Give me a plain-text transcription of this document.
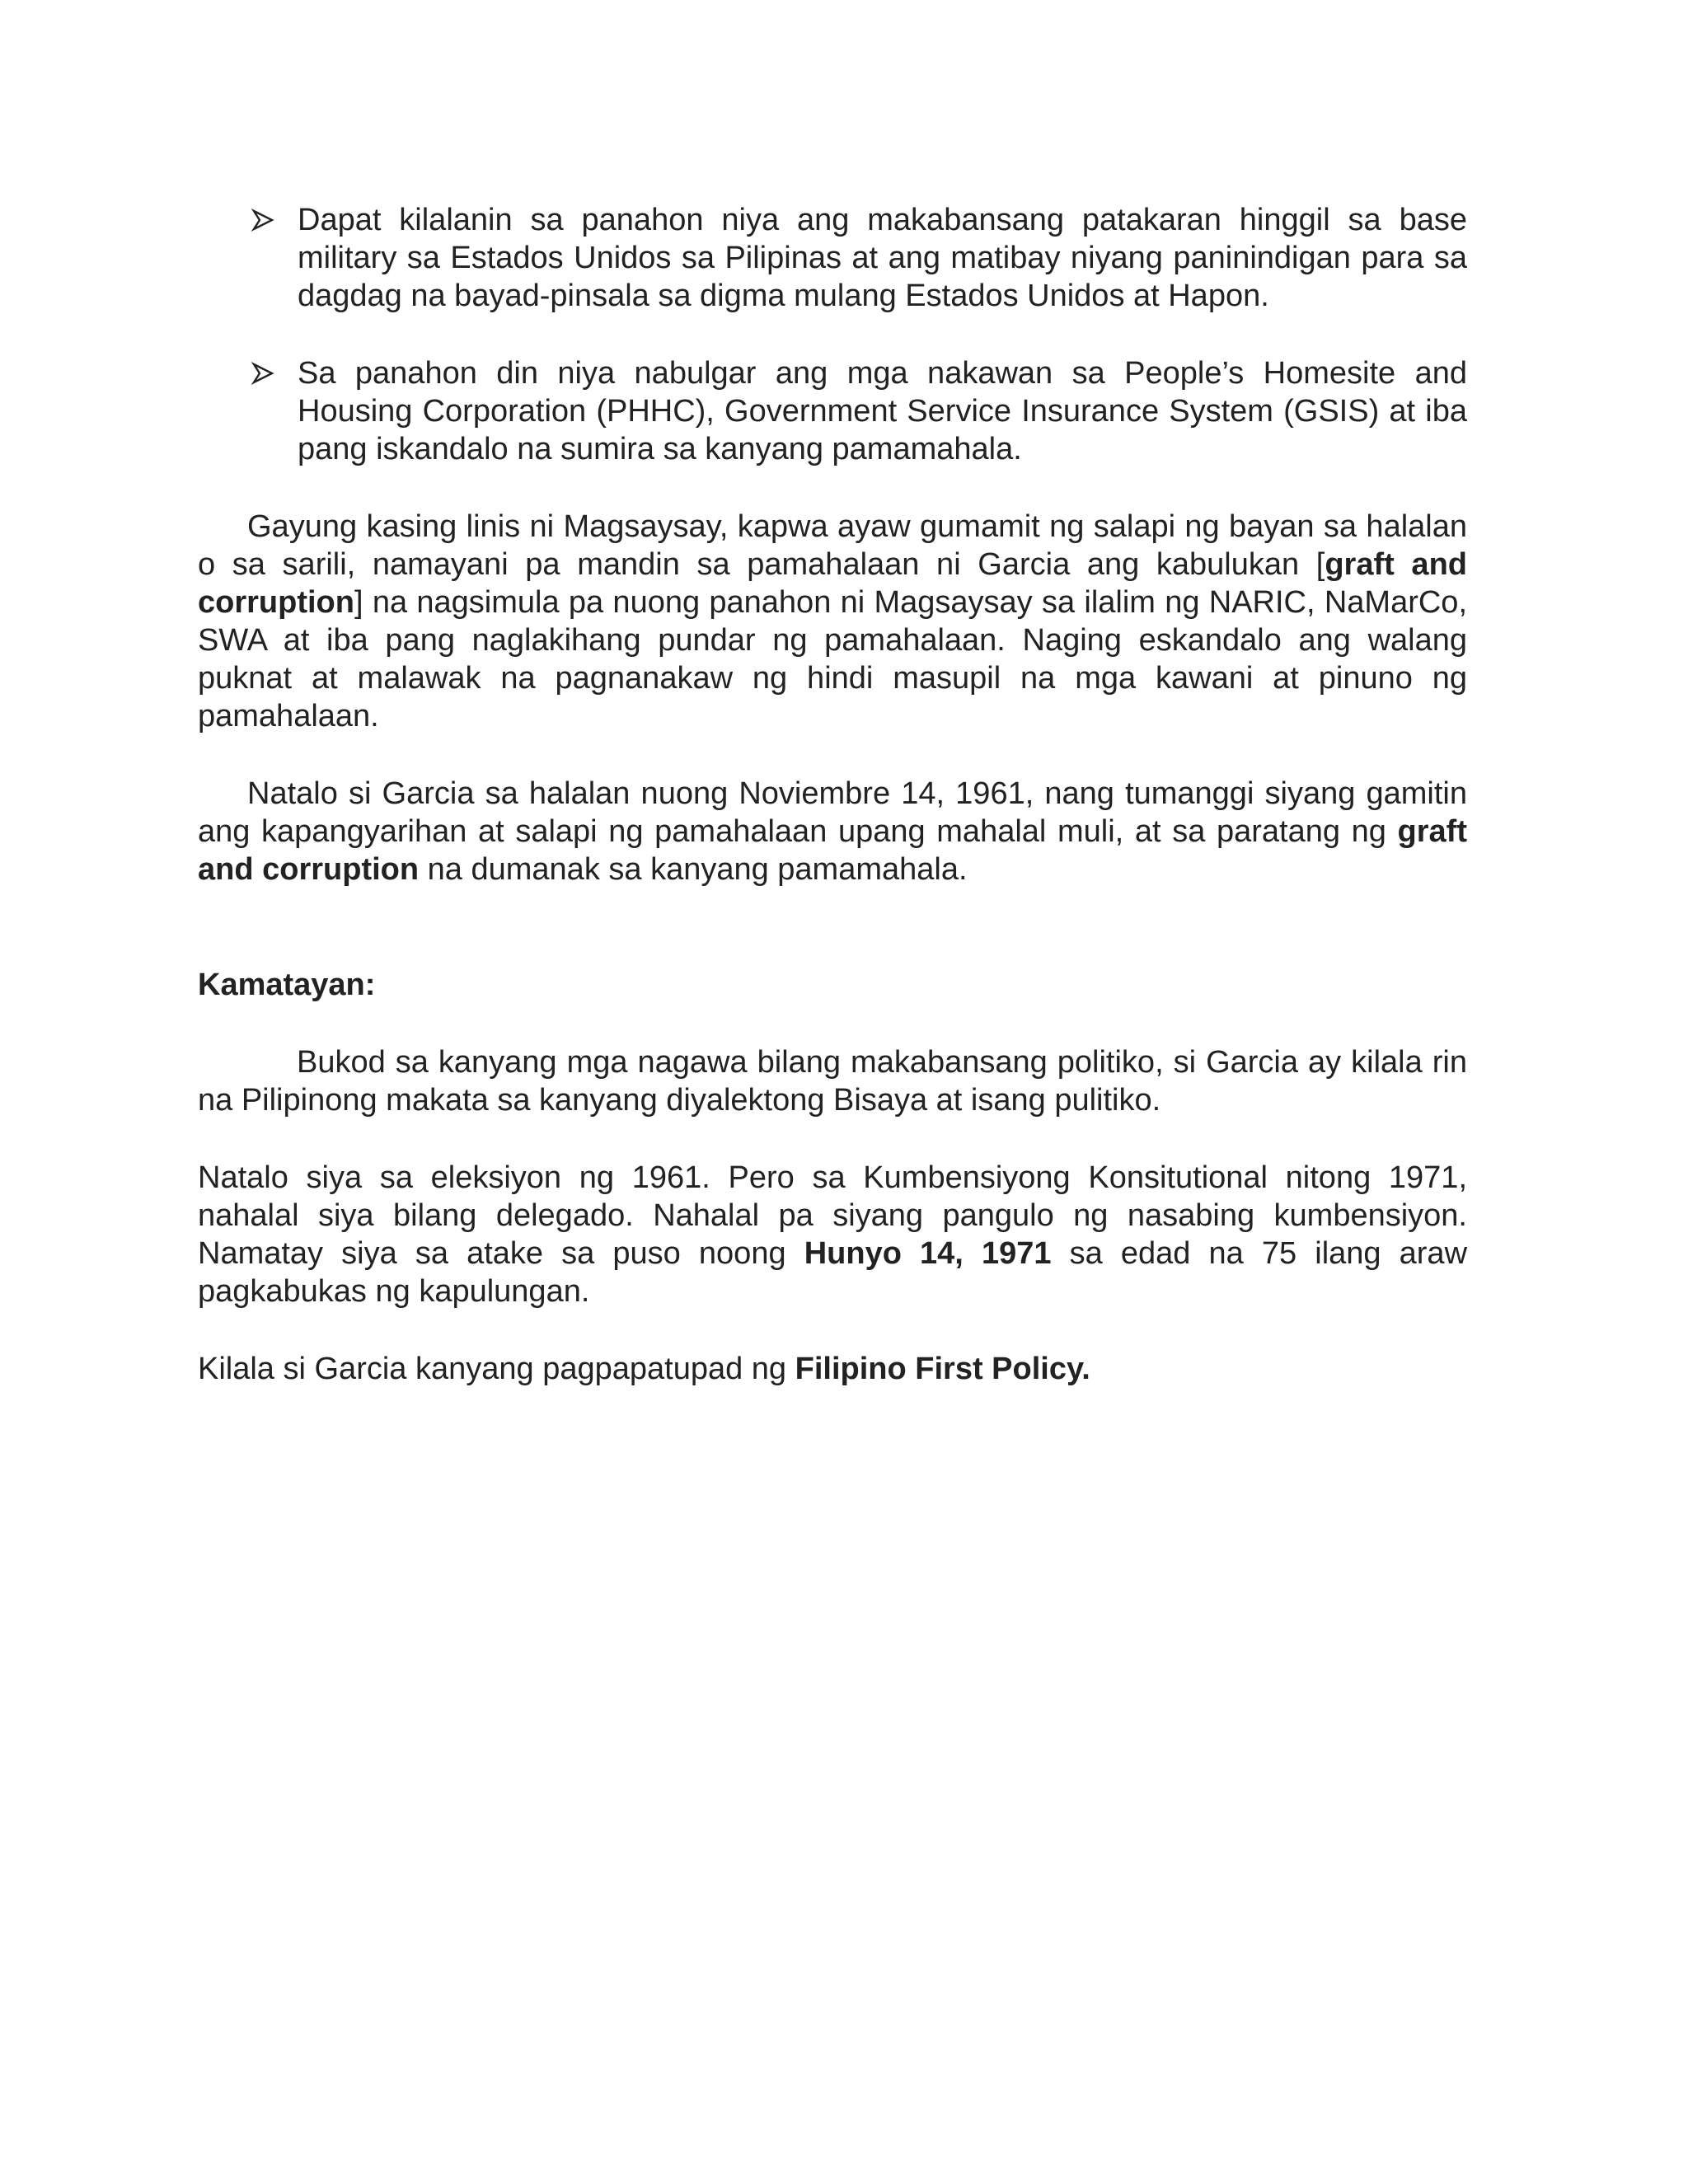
Dapat kilalanin sa panahon niya ang makabansang patakaran hinggil sa base military sa Estados Unidos sa Pilipinas at ang matibay niyang paninindigan para sa dagdag na bayad-pinsala sa digma mulang Estados Unidos at Hapon.
Sa panahon din niya nabulgar ang mga nakawan sa People’s Homesite and Housing Corporation (PHHC), Government Service Insurance System (GSIS) at iba pang iskandalo na sumira sa kanyang pamamahala.

Gayung kasing linis ni Magsaysay, kapwa ayaw gumamit ng salapi ng bayan sa halalan o sa sarili, namayani pa mandin sa pamahalaan ni Garcia ang kabulukan [graft and corruption] na nagsimula pa nuong panahon ni Magsaysay sa ilalim ng NARIC, NaMarCo, SWA at iba pang naglakihang pundar ng pamahalaan. Naging eskandalo ang walang puknat at malawak na pagnanakaw ng hindi masupil na mga kawani at pinuno ng pamahalaan.

Natalo si Garcia sa halalan nuong Noviembre 14, 1961, nang tumanggi siyang gamitin ang kapangyarihan at salapi ng pamahalaan upang mahalal muli, at sa paratang ng graft and corruption na dumanak sa kanyang pamamahala.

Kamatayan:

Bukod sa kanyang mga nagawa bilang makabansang politiko, si Garcia ay kilala rin na Pilipinong makata sa kanyang diyalektong Bisaya at isang pulitiko.

Natalo siya sa eleksiyon ng 1961. Pero sa Kumbensiyong Konsitutional nitong 1971, nahalal siya bilang delegado. Nahalal pa siyang pangulo ng nasabing kumbensiyon. Namatay siya sa atake sa puso noong Hunyo 14, 1971 sa edad na 75 ilang araw pagkabukas ng kapulungan.

Kilala si Garcia kanyang pagpapatupad ng Filipino First Policy.
